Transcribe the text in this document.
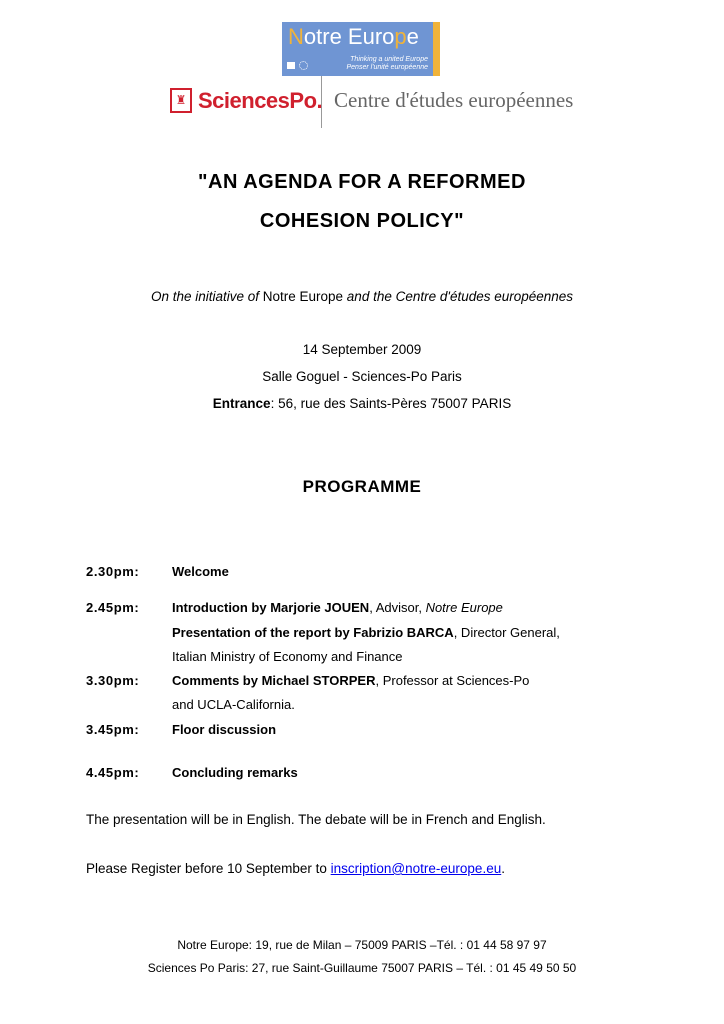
Notre Europe
Thinking a united Europe
Penser l'unité européenne
♜ SciencesPo. Centre d'études européennes
"AN AGENDA FOR A REFORMED
COHESION POLICY"
On the initiative of Notre Europe and the Centre d'études européennes
14 September 2009
Salle Goguel - Sciences-Po Paris
Entrance: 56, rue des Saints-Pères 75007 PARIS
PROGRAMME
2.30pm:	Welcome
2.45pm:	Introduction by Marjorie JOUEN, Advisor, Notre Europe
Presentation of the report by Fabrizio BARCA, Director General,
Italian Ministry of Economy and Finance
3.30pm:	Comments by Michael STORPER, Professor at Sciences-Po
and UCLA-California.
3.45pm:	Floor discussion
4.45pm:	Concluding remarks
The presentation will be in English. The debate will be in French and English.
Please Register before 10 September to inscription@notre-europe.eu.
Notre Europe: 19, rue de Milan – 75009 PARIS –Tél. : 01 44 58 97 97
Sciences Po Paris: 27, rue Saint-Guillaume 75007 PARIS – Tél. : 01 45 49 50 50
